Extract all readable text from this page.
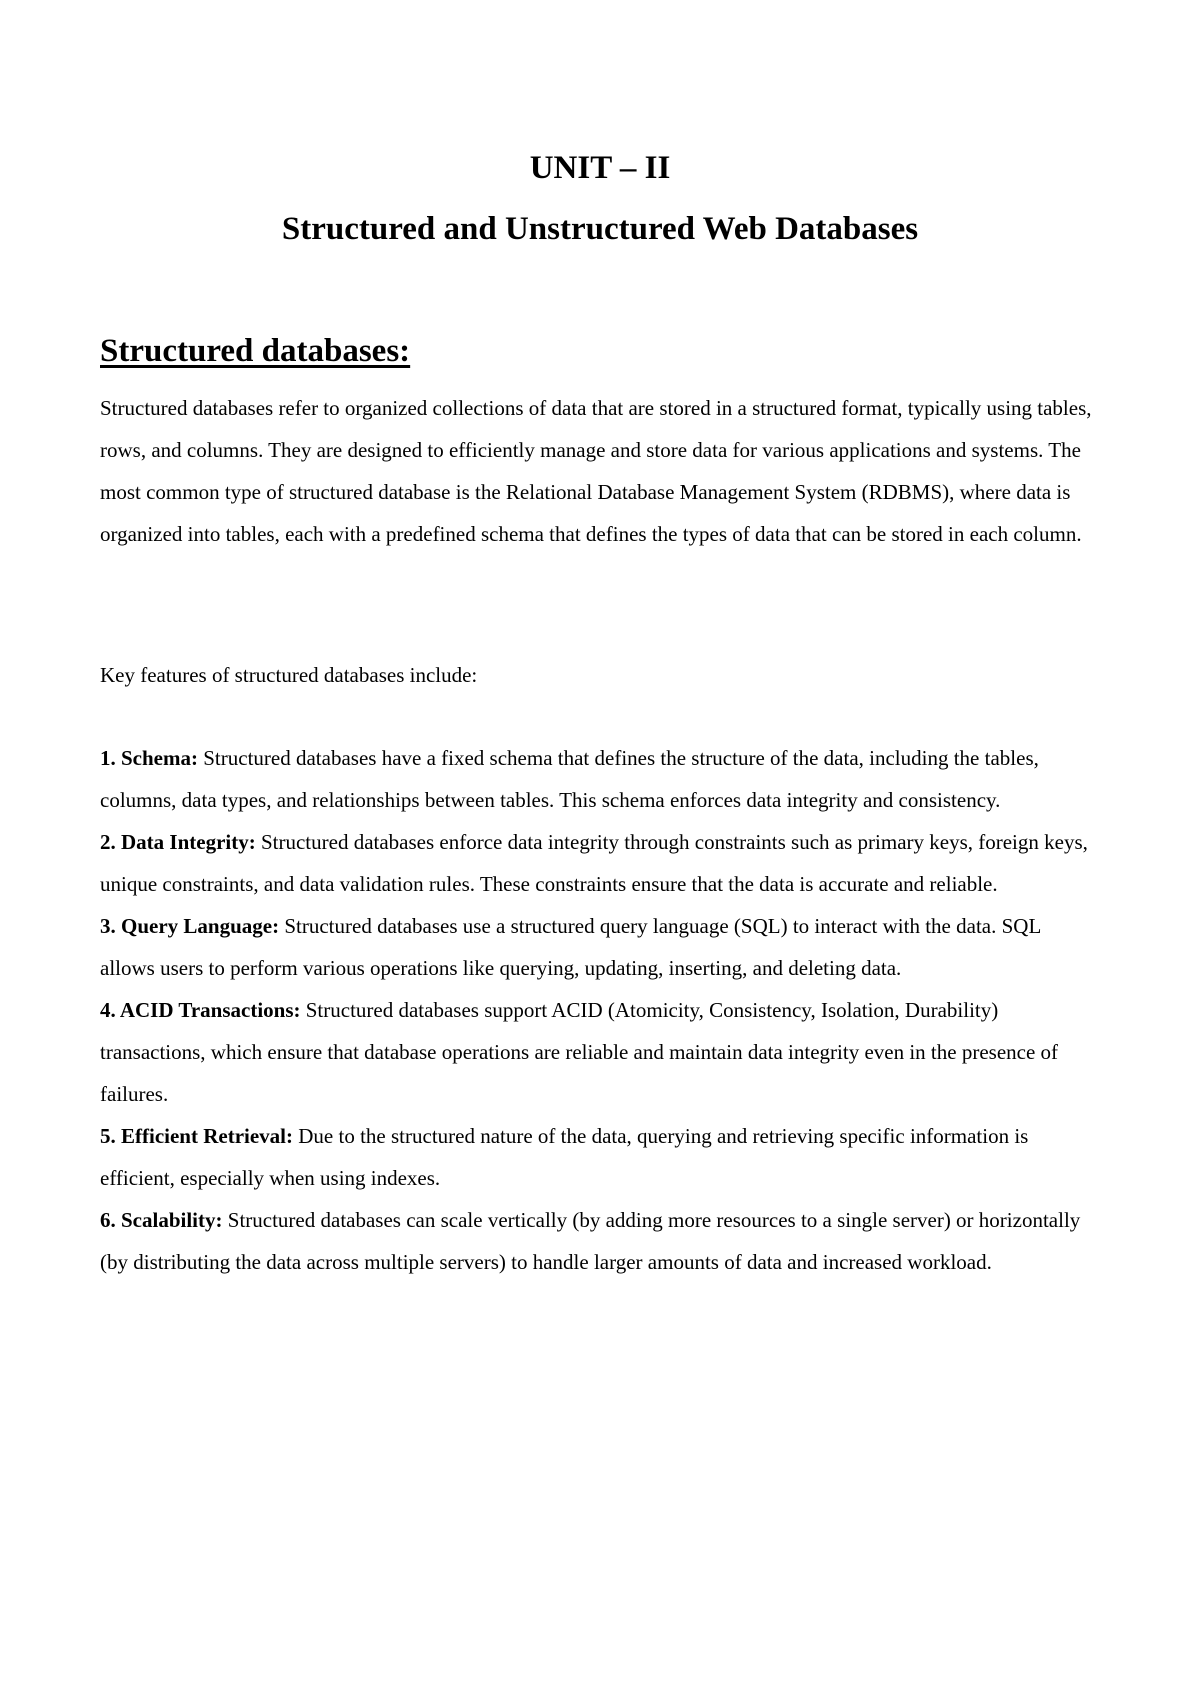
UNIT – II
Structured and Unstructured Web Databases
Structured databases:

Structured databases refer to organized collections of data that are stored in a structured format, typically using tables, rows, and columns. They are designed to efficiently manage and store data for various applications and systems. The most common type of structured database is the Relational Database Management System (RDBMS), where data is organized into tables, each with a predefined schema that defines the types of data that can be stored in each column.

Key features of structured databases include:

1. Schema: Structured databases have a fixed schema that defines the structure of the data, including the tables, columns, data types, and relationships between tables. This schema enforces data integrity and consistency.
2. Data Integrity: Structured databases enforce data integrity through constraints such as primary keys, foreign keys, unique constraints, and data validation rules. These constraints ensure that the data is accurate and reliable.
3. Query Language: Structured databases use a structured query language (SQL) to interact with the data. SQL allows users to perform various operations like querying, updating, inserting, and deleting data.
4. ACID Transactions: Structured databases support ACID (Atomicity, Consistency, Isolation, Durability) transactions, which ensure that database operations are reliable and maintain data integrity even in the presence of failures.
5. Efficient Retrieval: Due to the structured nature of the data, querying and retrieving specific information is efficient, especially when using indexes.
6. Scalability: Structured databases can scale vertically (by adding more resources to a single server) or horizontally (by distributing the data across multiple servers) to handle larger amounts of data and increased workload.
